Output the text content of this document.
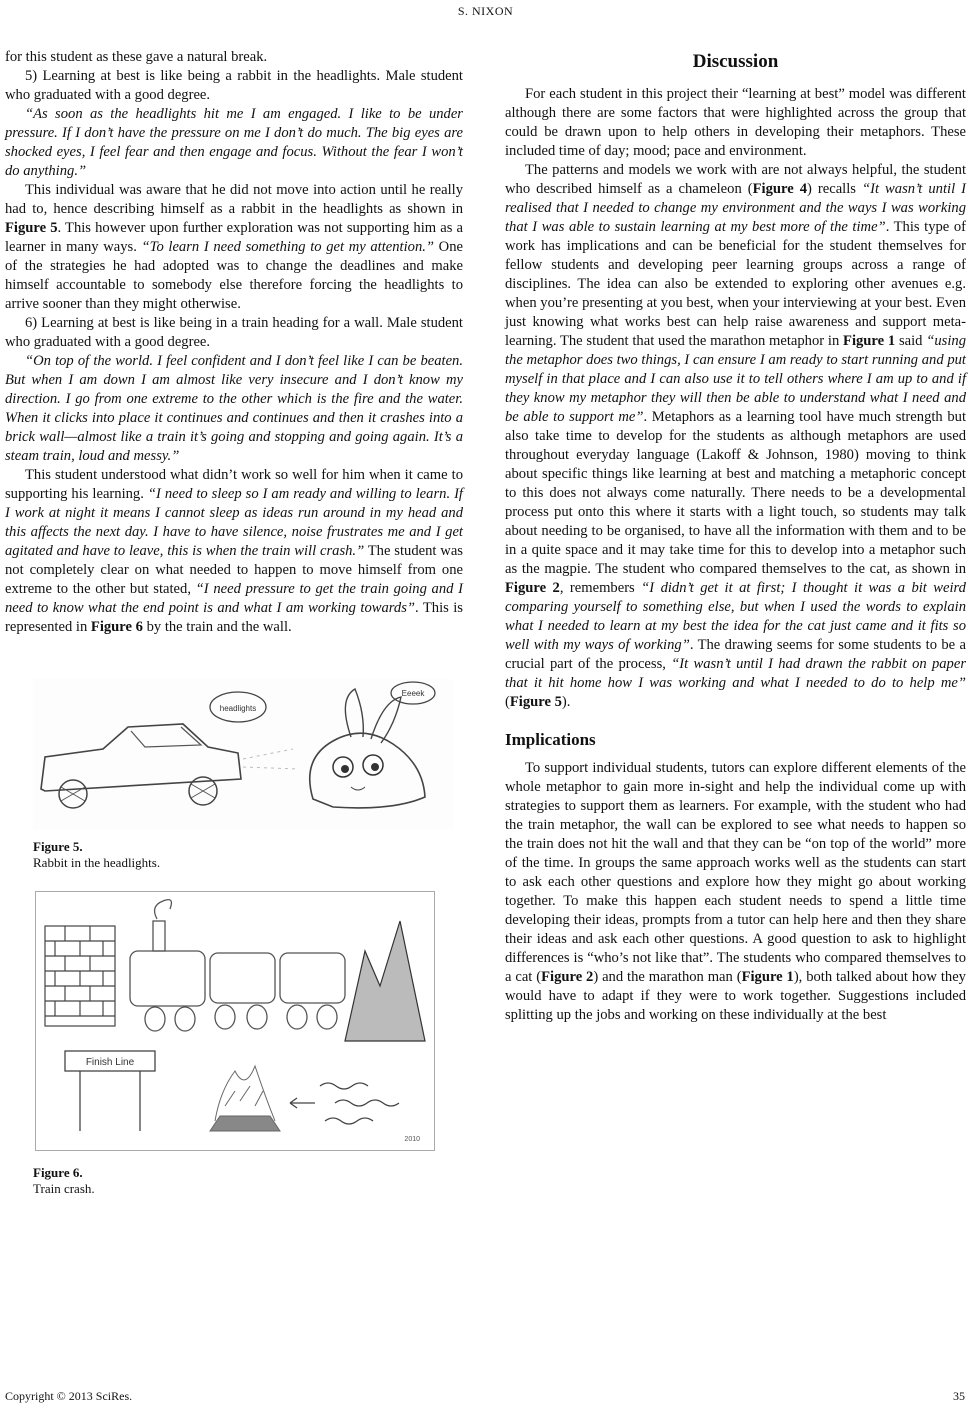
S. NIXON

for this student as these gave a natural break.

5) Learning at best is like being a rabbit in the headlights. Male student who graduated with a good degree.

“As soon as the headlights hit me I am engaged. I like to be under pressure. If I don’t have the pressure on me I don’t do much. The big eyes are shocked eyes, I feel fear and then engage and focus. Without the fear I won’t do anything.”

This individual was aware that he did not move into action until he really had to, hence describing himself as a rabbit in the headlights as shown in Figure 5. This however upon further exploration was not supporting him as a learner in many ways. “To learn I need something to get my attention.” One of the strategies he had adopted was to change the deadlines and make himself accountable to somebody else therefore forcing the headlights to arrive sooner than they might otherwise.

6) Learning at best is like being in a train heading for a wall. Male student who graduated with a good degree.

“On top of the world. I feel confident and I don’t feel like I can be beaten. But when I am down I am almost like very insecure and I don’t know my direction. I go from one extreme to the other which is the fire and the water. When it clicks into place it continues and continues and then it crashes into a brick wall—almost like a train it’s going and stopping and going again. It’s a steam train, loud and messy.”

This student understood what didn’t work so well for him when it came to supporting his learning. “I need to sleep so I am ready and willing to learn. If I work at night it means I cannot sleep as ideas run around in my head and this affects the next day. I have to have silence, noise frustrates me and I get agitated and have to leave, this is when the train will crash.” The student was not completely clear on what needed to happen to move himself from one extreme to the other but stated, “I need pressure to get the train going and I need to know what the end point is and what I am working towards”. This is represented in Figure 6 by the train and the wall.

headlights
Eeeek
Figure 5.
Rabbit in the headlights.
Finish Line
2010
Figure 6.
Train crash.
Discussion

For each student in this project their “learning at best” model was different although there are some factors that were highlighted across the group that could be drawn upon to help others in developing their metaphors. These included time of day; mood; pace and environment.

The patterns and models we work with are not always helpful, the student who described himself as a chameleon (Figure 4) recalls “It wasn’t until I realised that I needed to change my environment and the ways I was working that I was able to sustain learning at my best more of the time”. This type of work has implications and can be beneficial for the student themselves for fellow students and developing peer learning groups across a range of disciplines. The idea can also be extended to exploring other avenues e.g. when you’re presenting at you best, when your interviewing at your best. Even just knowing what works best can help raise awareness and support meta-learning. The student that used the marathon metaphor in Figure 1 said “using the metaphor does two things, I can ensure I am ready to start running and put myself in that place and I can also use it to tell others where I am up to and if they know my metaphor they will then be able to understand what I need and be able to support me”. Metaphors as a learning tool have much strength but also take time to develop for the students as although metaphors are used throughout everyday language (Lakoff & Johnson, 1980) moving to think about specific things like learning at best and matching a metaphoric concept to this does not always come naturally. There needs to be a developmental process put onto this where it starts with a light touch, so students may talk about needing to be organised, to have all the information with them and to be in a quite space and it may take time for this to develop into a metaphor such as the magpie. The student who compared themselves to the cat, as shown in Figure 2, remembers “I didn’t get it at first; I thought it was a bit weird comparing yourself to something else, but when I used the words to explain what I needed to learn at my best the idea for the cat just came and it fits so well with my ways of working”. The drawing seems for some students to be a crucial part of the process, “It wasn’t until I had drawn the rabbit on paper that it hit home how I was working and what I needed to do to help me” (Figure 5).

Implications

To support individual students, tutors can explore different elements of the whole metaphor to gain more in-sight and help the individual come up with strategies to support them as learners. For example, with the student who had the train metaphor, the wall can be explored to see what needs to happen so the train does not hit the wall and that they can be “on top of the world” more of the time. In groups the same approach works well as the students can start to ask each other questions and explore how they might go about working together. To make this happen each student needs to spend a little time developing their ideas, prompts from a tutor can help here and then they share their ideas and ask each other questions. A good question to ask to highlight differences is “who’s not like that”. The students who compared themselves to a cat (Figure 2) and the marathon man (Figure 1), both talked about how they would have to adapt if they were to work together. Suggestions included splitting up the jobs and working on these individually at the best

Copyright © 2013 SciRes.	35
